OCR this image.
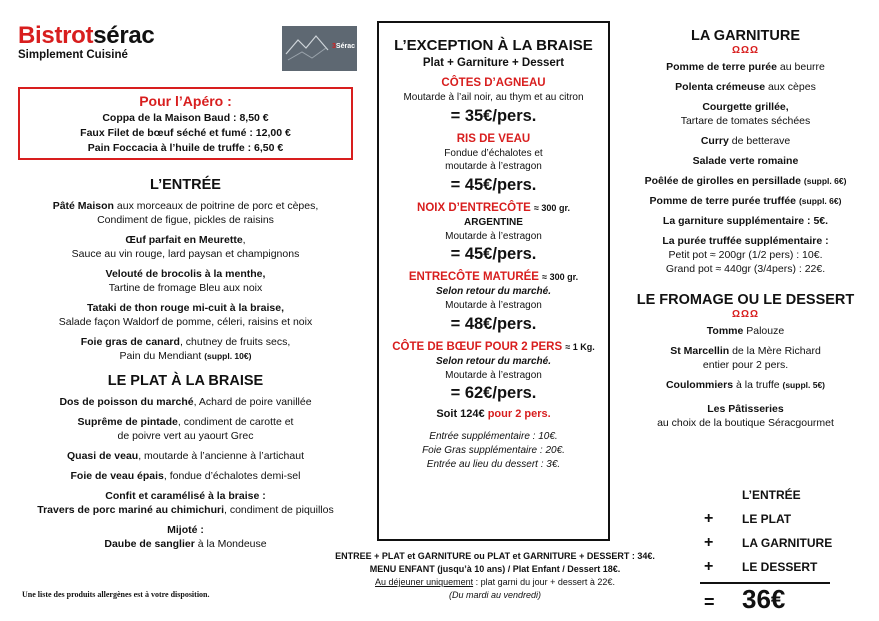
Bistrotsérac
Simplement Cuisiné
3Sérac
Pour l’Apéro :
Coppa de la Maison Baud : 8,50 €
Faux Filet de bœuf séché et fumé : 12,00 €
Pain Foccacia à l’huile de truffe : 6,50 €
L’ENTRÉE
Pâté Maison aux morceaux de poitrine de porc et cèpes,
Condiment de figue, pickles de raisins
Œuf parfait en Meurette,
Sauce au vin rouge, lard paysan et champignons
Velouté de brocolis à la menthe,
Tartine de fromage Bleu aux noix
Tataki de thon rouge mi-cuit à la braise,
Salade façon Waldorf de pomme, céleri, raisins et noix
Foie gras de canard, chutney de fruits secs,
Pain du Mendiant (suppl. 10€)
LE PLAT À LA BRAISE
Dos de poisson du marché, Achard de poire vanillée
Suprême de pintade, condiment de carotte et
de poivre vert au yaourt Grec
Quasi de veau, moutarde à l’ancienne à l’artichaut
Foie de veau épais, fondue d’échalotes demi-sel
Confit et caramélisé à la braise :
Travers de porc mariné au chimichuri, condiment de piquillos
Mijoté :
Daube de sanglier à la Mondeuse
Une liste des produits allergènes est à votre disposition.
L’EXCEPTION À LA BRAISE
Plat + Garniture + Dessert
CÔTES D’AGNEAU
Moutarde à l’ail noir, au thym et au citron
= 35€/pers.
RIS DE VEAU
Fondue d’échalotes et
moutarde à l’estragon
= 45€/pers.
NOIX D’ENTRECÔTE ≈ 300 gr.
ARGENTINE
Moutarde à l’estragon
= 45€/pers.
ENTRECÔTE MATURÉE ≈ 300 gr.
Selon retour du marché.
Moutarde à l’estragon
= 48€/pers.
CÔTE DE BŒUF POUR 2 PERS ≈ 1 Kg.
Selon retour du marché.
Moutarde à l’estragon
= 62€/pers.
Soit 124€ pour 2 pers.
Entrée supplémentaire : 10€.
Foie Gras supplémentaire : 20€.
Entrée au lieu du dessert : 3€.
ENTREE + PLAT et GARNITURE ou PLAT et GARNITURE + DESSERT : 34€.
MENU ENFANT (jusqu’à 10 ans) / Plat Enfant / Dessert 18€.
Au déjeuner uniquement : plat garni du jour + dessert à 22€.
(Du mardi au vendredi)
LA GARNITURE
ΩΩΩ
Pomme de terre purée au beurre
Polenta crémeuse aux cèpes
Courgette grillée,
Tartare de tomates séchées
Curry de betterave
Salade verte romaine
Poêlée de girolles en persillade (suppl. 6€)
Pomme de terre purée truffée (suppl. 6€)
La garniture supplémentaire : 5€.
La purée truffée supplémentaire :
Petit pot ≈ 200gr (1/2 pers) : 10€.
Grand pot ≈ 440gr (3/4pers) : 22€.
LE FROMAGE OU LE DESSERT
ΩΩΩ
Tomme Palouze
St Marcellin de la Mère Richard
entier pour 2 pers.
Coulommiers à la truffe (suppl. 5€)
Les Pâtisseries
au choix de la boutique Séracgourmet
L’ENTRÉE
+ LE PLAT
+ LA GARNITURE
+ LE DESSERT
= 36€
